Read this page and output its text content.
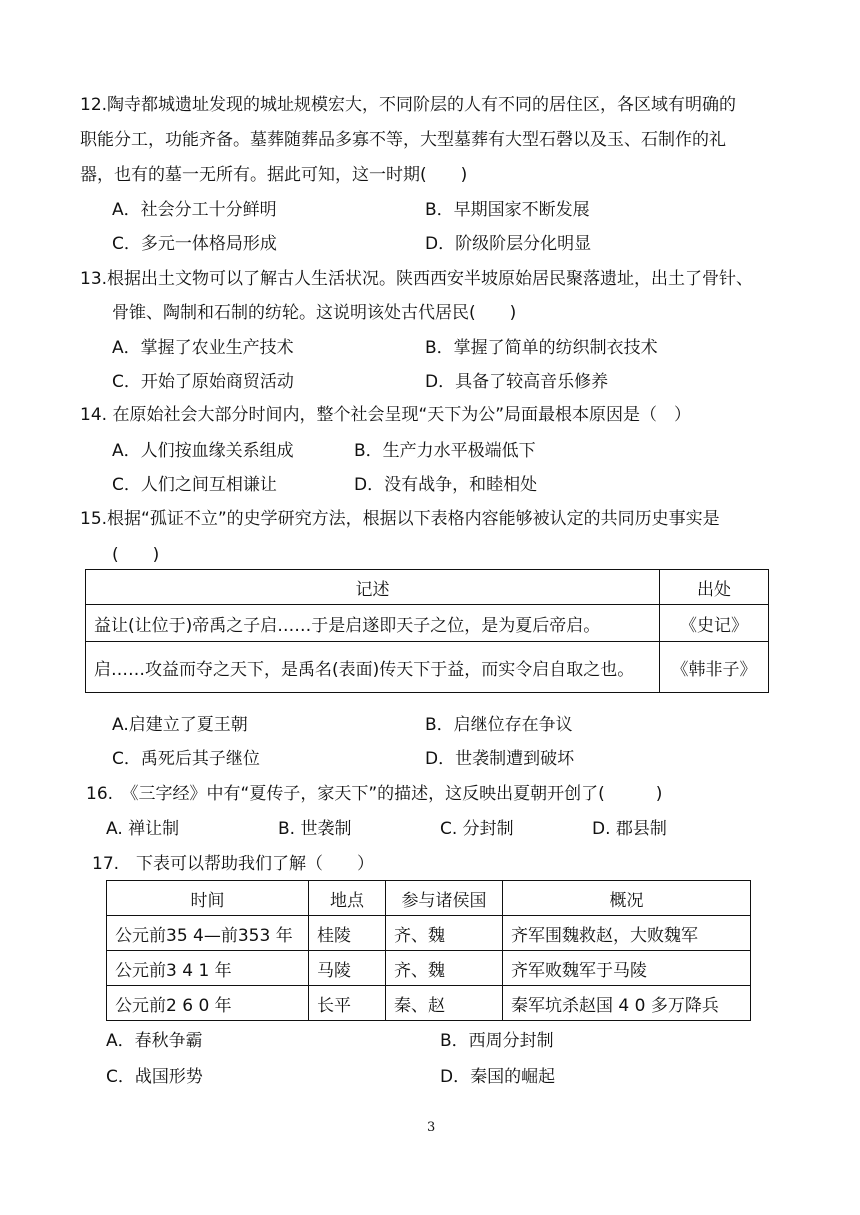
12.陶寺都城遗址发现的城址规模宏大，不同阶层的人有不同的居住区，各区域有明确的
职能分工，功能齐备。墓葬随葬品多寡不等，大型墓葬有大型石磬以及玉、石制作的礼
器，也有的墓一无所有。据此可知，这一时期(　　)
A．社会分工十分鲜明	B．早期国家不断发展
C．多元一体格局形成	D．阶级阶层分化明显
13.根据出土文物可以了解古人生活状况。陕西西安半坡原始居民聚落遗址，出土了骨针、
骨锥、陶制和石制的纺轮。这说明该处古代居民(　　)
A．掌握了农业生产技术	B．掌握了简单的纺织制衣技术
C．开始了原始商贸活动	D．具备了较高音乐修养
14. 在原始社会大部分时间内，整个社会呈现“天下为公”局面最根本原因是（　）
A．人们按血缘关系组成	B．生产力水平极端低下
C．人们之间互相谦让	D．没有战争，和睦相处
15.根据“孤证不立”的史学研究方法，根据以下表格内容能够被认定的共同历史事实是
(　　)
记述	出处
益让(让位于)帝禹之子启……于是启遂即天子之位，是为夏后帝启。	《史记》
启……攻益而夺之天下，是禹名(表面)传天下于益，而实令启自取之也。	《韩非子》
A.启建立了夏王朝	B．启继位存在争议
C．禹死后其子继位	D．世袭制遭到破坏
16.　《三字经》中有“夏传子，家天下”的描述，这反映出夏朝开创了(　　　)
A. 禅让制	B. 世袭制	C. 分封制	D. 郡县制
17.　下表可以帮助我们了解（　　）
时间	地点	参与诸侯国	概况
公元前35 4—前353 年	桂陵	齐、魏	齐军围魏救赵，大败魏军
公元前3 4 1 年	马陵	齐、魏	齐军败魏军于马陵
公元前2 6 0 年	长平	秦、赵	秦军坑杀赵国 4 0 多万降兵
A．春秋争霸	B．西周分封制
C．战国形势	D．秦国的崛起
3
